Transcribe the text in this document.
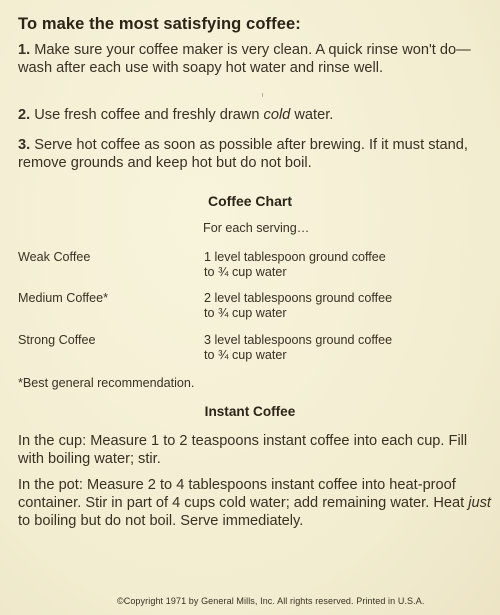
To make the most satisfying coffee:
1. Make sure your coffee maker is very clean. A quick rinse won't do—wash after each use with soapy hot water and rinse well.
2. Use fresh coffee and freshly drawn cold water.
3. Serve hot coffee as soon as possible after brewing. If it must stand, remove grounds and keep hot but do not boil.
Coffee Chart
For each serving…
Weak Coffee	1 level tablespoon ground coffee
to ¾ cup water
Medium Coffee*	2 level tablespoons ground coffee
to ¾ cup water
Strong Coffee	3 level tablespoons ground coffee
to ¾ cup water
*Best general recommendation.
Instant Coffee
In the cup: Measure 1 to 2 teaspoons instant coffee into each cup. Fill with boiling water; stir.
In the pot: Measure 2 to 4 tablespoons instant coffee into heat-proof container. Stir in part of 4 cups cold water; add remaining water. Heat just to boiling but do not boil. Serve immediately.
©Copyright 1971 by General Mills, Inc. All rights reserved. Printed in U.S.A.
